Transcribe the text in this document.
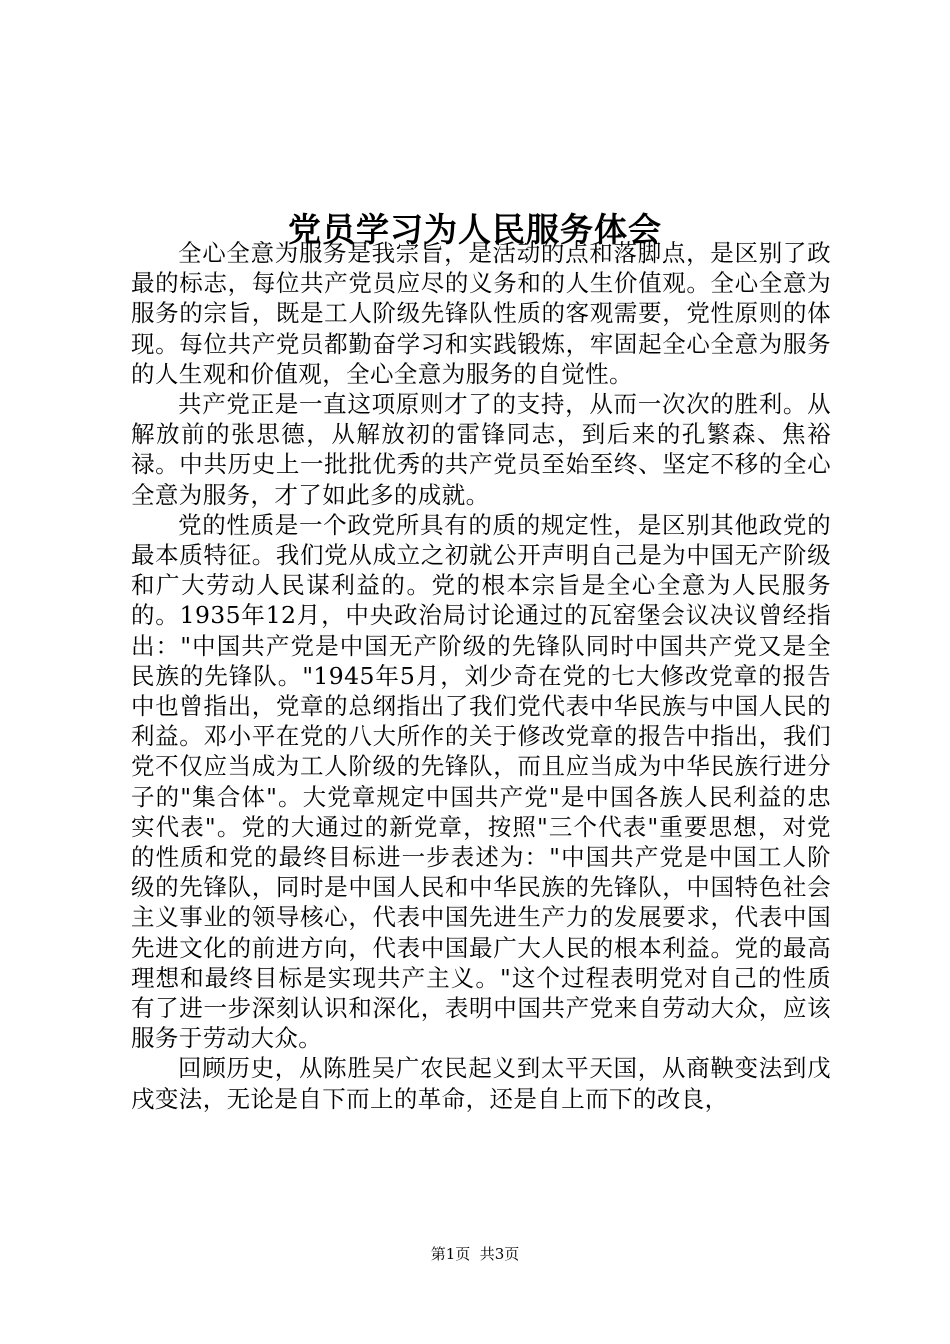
党员学习为人民服务体会

全心全意为服务是我宗旨，是活动的点和落脚点，是区别了政最的标志，每位共产党员应尽的义务和的人生价值观。全心全意为服务的宗旨，既是工人阶级先锋队性质的客观需要，党性原则的体现。每位共产党员都勤奋学习和实践锻炼，牢固起全心全意为服务的人生观和价值观，全心全意为服务的自觉性。

共产党正是一直这项原则才了的支持，从而一次次的胜利。从解放前的张思德，从解放初的雷锋同志，到后来的孔繁森、焦裕禄。中共历史上一批批优秀的共产党员至始至终、坚定不移的全心全意为服务，才了如此多的成就。

党的性质是一个政党所具有的质的规定性，是区别其他政党的最本质特征。我们党从成立之初就公开声明自己是为中国无产阶级和广大劳动人民谋利益的。党的根本宗旨是全心全意为人民服务的。1935年12月，中央政治局讨论通过的瓦窑堡会议决议曾经指出："中国共产党是中国无产阶级的先锋队同时中国共产党又是全民族的先锋队。"1945年5月，刘少奇在党的七大修改党章的报告中也曾指出，党章的总纲指出了我们党代表中华民族与中国人民的利益。邓小平在党的八大所作的关于修改党章的报告中指出，我们党不仅应当成为工人阶级的先锋队，而且应当成为中华民族行进分子的"集合体"。大党章规定中国共产党"是中国各族人民利益的忠实代表"。党的大通过的新党章，按照"三个代表"重要思想，对党的性质和党的最终目标进一步表述为："中国共产党是中国工人阶级的先锋队，同时是中国人民和中华民族的先锋队，中国特色社会主义事业的领导核心，代表中国先进生产力的发展要求，代表中国先进文化的前进方向，代表中国最广大人民的根本利益。党的最高理想和最终目标是实现共产主义。"这个过程表明党对自己的性质有了进一步深刻认识和深化，表明中国共产党来自劳动大众，应该服务于劳动大众。

回顾历史，从陈胜吴广农民起义到太平天国，从商鞅变法到戊戌变法，无论是自下而上的革命，还是自上而下的改良，

第1页  共3页
